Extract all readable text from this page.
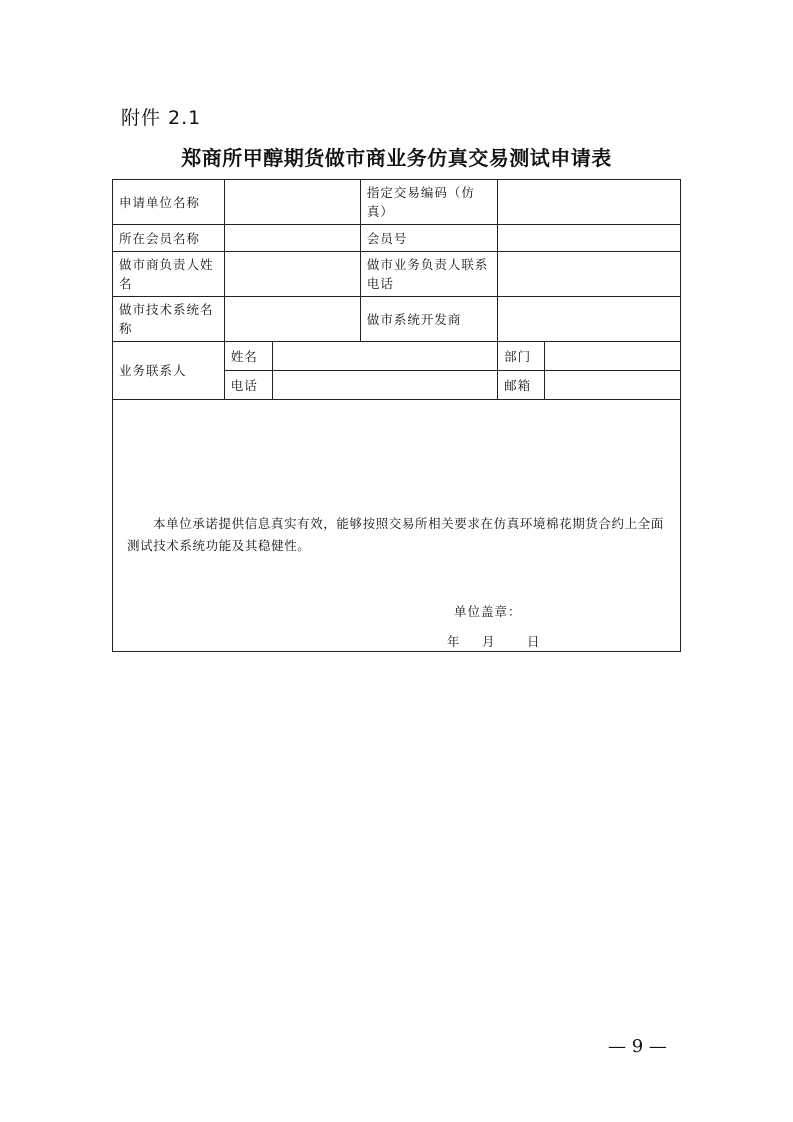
附件 2.1
郑商所甲醇期货做市商业务仿真交易测试申请表
申请单位名称			指定交易编码（仿真）		
所在会员名称			会员号		
做市商负责人姓名			做市业务负责人联系电话		
做市技术系统名称			做市系统开发商		
业务联系人	姓名			部门	
	电话			邮箱	

本单位承诺提供信息真实有效，能够按照交易所相关要求在仿真环境棉花期货合约上全面测试技术系统功能及其稳健性。
单位盖章：
年 月 日					
— 9 —
